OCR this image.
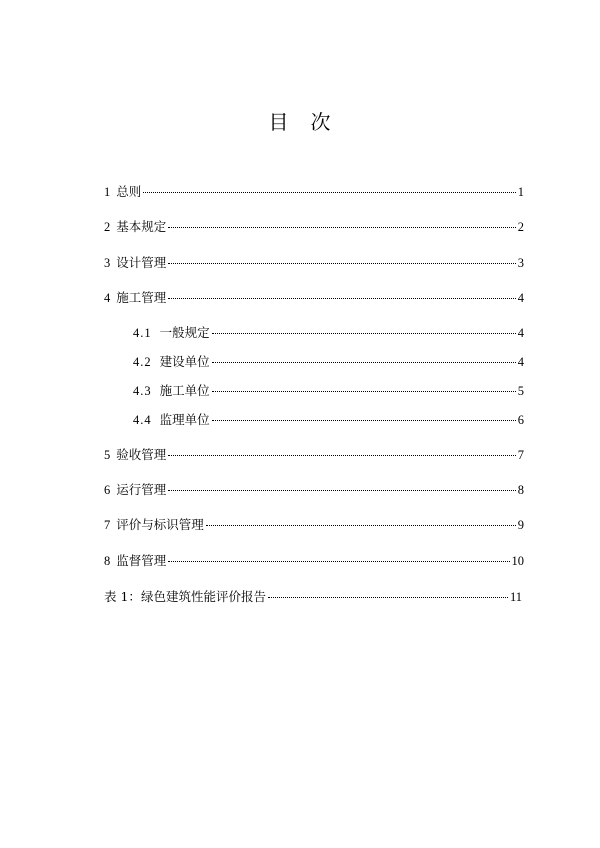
目　次
1 总则	1
2 基本规定	2
3 设计管理	3
4 施工管理	4
4.1 一般规定	4
4.2 建设单位	4
4.3 施工单位	5
4.4 监理单位	6
5 验收管理	7
6 运行管理	8
7 评价与标识管理	9
8 监督管理	10
表 1：绿色建筑性能评价报告	11
